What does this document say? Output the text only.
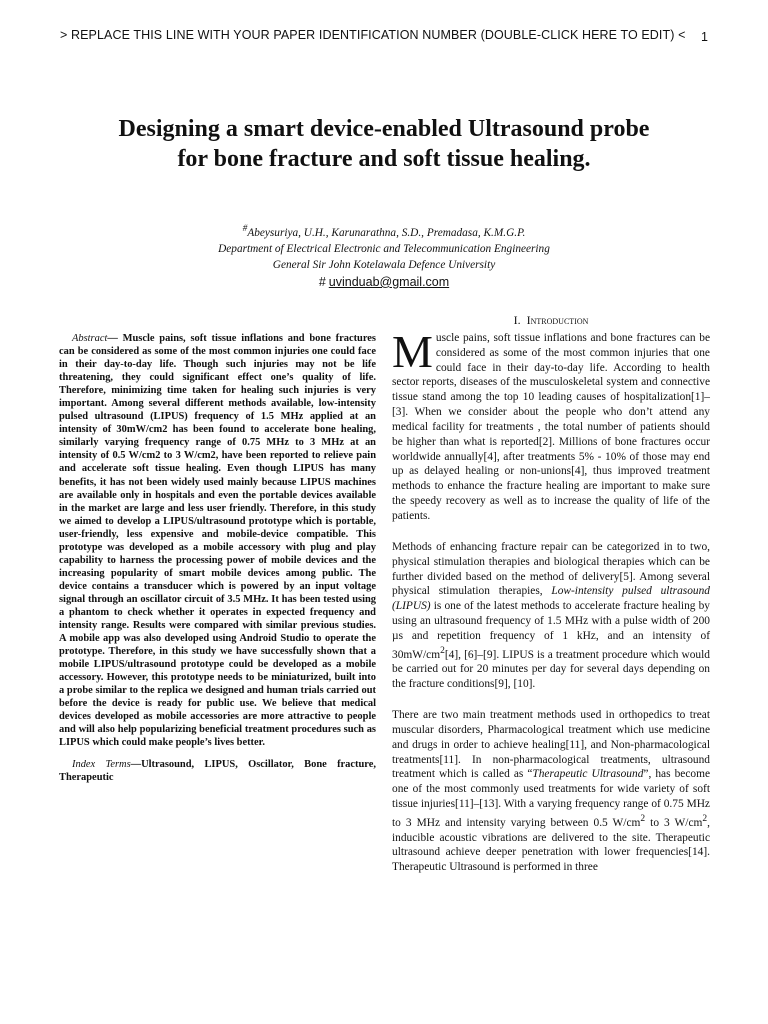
> REPLACE THIS LINE WITH YOUR PAPER IDENTIFICATION NUMBER (DOUBLE-CLICK HERE TO EDIT) < 1
Designing a smart device-enabled Ultrasound probe
for bone fracture and soft tissue healing.
#Abeysuriya, U.H., Karunarathna, S.D., Premadasa, K.M.G.P.
Department of Electrical Electronic and Telecommunication Engineering
General Sir John Kotelawala Defence University
# uvinduab@gmail.com

Abstract— Muscle pains, soft tissue inflations and bone fractures can be considered as some of the most common injuries one could face in their day-to-day life. Though such injuries may not be life threatening, they could significant effect one’s quality of life. Therefore, minimizing time taken for healing such injuries is very important. Among several different methods available, low-intensity pulsed ultrasound (LIPUS) frequency of 1.5 MHz applied at an intensity of 30mW/cm2 has been found to accelerate bone healing, similarly varying frequency range of 0.75 MHz to 3 MHz at an intensity of 0.5 W/cm2 to 3 W/cm2, have been reported to relieve pain and accelerate soft tissue healing. Even though LIPUS has many benefits, it has not been widely used mainly because LIPUS machines are available only in hospitals and even the portable devices available in the market are large and less user friendly. Therefore, in this study we aimed to develop a LIPUS/ultrasound prototype which is portable, user-friendly, less expensive and mobile-device compatible. This prototype was developed as a mobile accessory with plug and play capability to harness the processing power of mobile devices and the increasing popularity of smart mobile devices among public. The device contains a transducer which is powered by an input voltage signal through an oscillator circuit of 3.5 MHz. It has been tested using a phantom to check whether it operates in expected frequency and intensity range. Results were compared with similar previous studies. A mobile app was also developed using Android Studio to operate the prototype. Therefore, in this study we have successfully shown that a mobile LIPUS/ultrasound prototype could be developed as a mobile accessory. However, this prototype needs to be miniaturized, built into a probe similar to the replica we designed and human trials carried out before the device is ready for public use. We believe that medical devices developed as mobile accessories are more attractive to people and will also help popularizing beneficial treatment procedures such as LIPUS which could make people’s lives better.

Index Terms—Ultrasound, LIPUS, Oscillator, Bone fracture, Therapeutic

I. Introduction

Muscle pains, soft tissue inflations and bone fractures can be considered as some of the most common injuries that one could face in their day-to-day life. According to health sector reports, diseases of the musculoskeletal system and connective tissue stand among the top 10 leading causes of hospitalization[1]–[3]. When we consider about the people who don’t attend any medical facility for treatments , the total number of patients should be higher than what is reported[2]. Millions of bone fractures occur worldwide annually[4], after treatments 5% - 10% of those may end up as delayed healing or non-unions[4], thus improved treatment methods to enhance the fracture healing are important to make sure the speedy recovery as well as to increase the quality of life of the patients.

Methods of enhancing fracture repair can be categorized in to two, physical stimulation therapies and biological therapies which can be further divided based on the method of delivery[5]. Among several physical stimulation therapies, Low-intensity pulsed ultrasound (LIPUS) is one of the latest methods to accelerate fracture healing by using an ultrasound frequency of 1.5 MHz with a pulse width of 200 µs and repetition frequency of 1 kHz, and an intensity of $30mW/cm^2[4]$, [6]–[9]. LIPUS is a treatment procedure which would be carried out for 20 minutes per day for several days depending on the fracture conditions[9], [10].

There are two main treatment methods used in orthopedics to treat muscular disorders, Pharmacological treatment which use medicine and drugs in order to achieve healing[11], and Non-pharmacological treatments[11]. In non-pharmacological treatments, ultrasound treatment which is called as “Therapeutic Ultrasound”, has become one of the most commonly used treatments for wide variety of soft tissue injuries[11]–[13]. With a varying frequency range of 0.75 MHz to 3 MHz and intensity varying between 0.5 $W/cm^2$ to 3 $W/cm^2$, inducible acoustic vibrations are delivered to the site. Therapeutic ultrasound achieve deeper penetration with lower frequencies[14]. Therapeutic Ultrasound is performed in three
